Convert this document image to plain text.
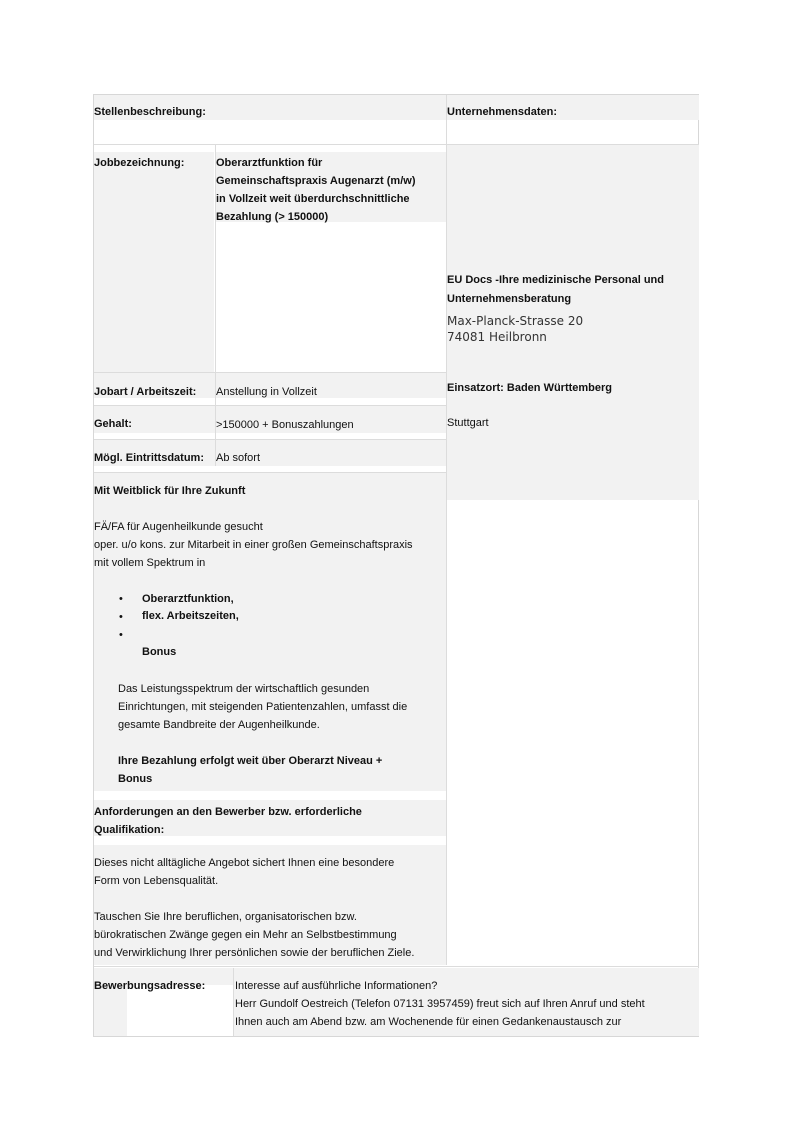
Stellenbeschreibung:
Jobbezeichnung:	Oberarztfunktion für
Gemeinschaftspraxis Augenarzt (m/w)
in Vollzeit weit überdurchschnittliche
Bezahlung (> 150000)
Jobart / Arbeitszeit: Anstellung in Vollzeit
Gehalt:	>150000 + Bonuszahlungen
Mögl. Eintrittsdatum: Ab sofort
Mit Weitblick für Ihre Zukunft
FÄ/FA für Augenheilkunde gesucht
oper. u/o kons. zur Mitarbeit in einer großen Gemeinschaftspraxis
mit vollem Spektrum in
• Oberarztfunktion,
• flex. Arbeitszeiten,
•
Bonus
Das Leistungsspektrum der wirtschaftlich gesunden
Einrichtungen, mit steigenden Patientenzahlen, umfasst die
gesamte Bandbreite der Augenheilkunde.
Ihre Bezahlung erfolgt weit über Oberarzt Niveau +
Bonus
Anforderungen an den Bewerber bzw. erforderliche
Qualifikation:
Dieses nicht alltägliche Angebot sichert Ihnen eine besondere
Form von Lebensqualität.
Tauschen Sie Ihre beruflichen, organisatorischen bzw.
bürokratischen Zwänge gegen ein Mehr an Selbstbestimmung
und Verwirklichung Ihrer persönlichen sowie der beruflichen Ziele.
Unternehmensdaten:
EU Docs -Ihre medizinische Personal und
Unternehmensberatung
Max-Planck-Strasse 20
74081 Heilbronn
Einsatzort: Baden Württemberg
Stuttgart
Bewerbungsadresse:	Interesse auf ausführliche Informationen?
Herr Gundolf Oestreich (Telefon 07131 3957459) freut sich auf Ihren Anruf und steht
Ihnen auch am Abend bzw. am Wochenende für einen Gedankenaustausch zur
